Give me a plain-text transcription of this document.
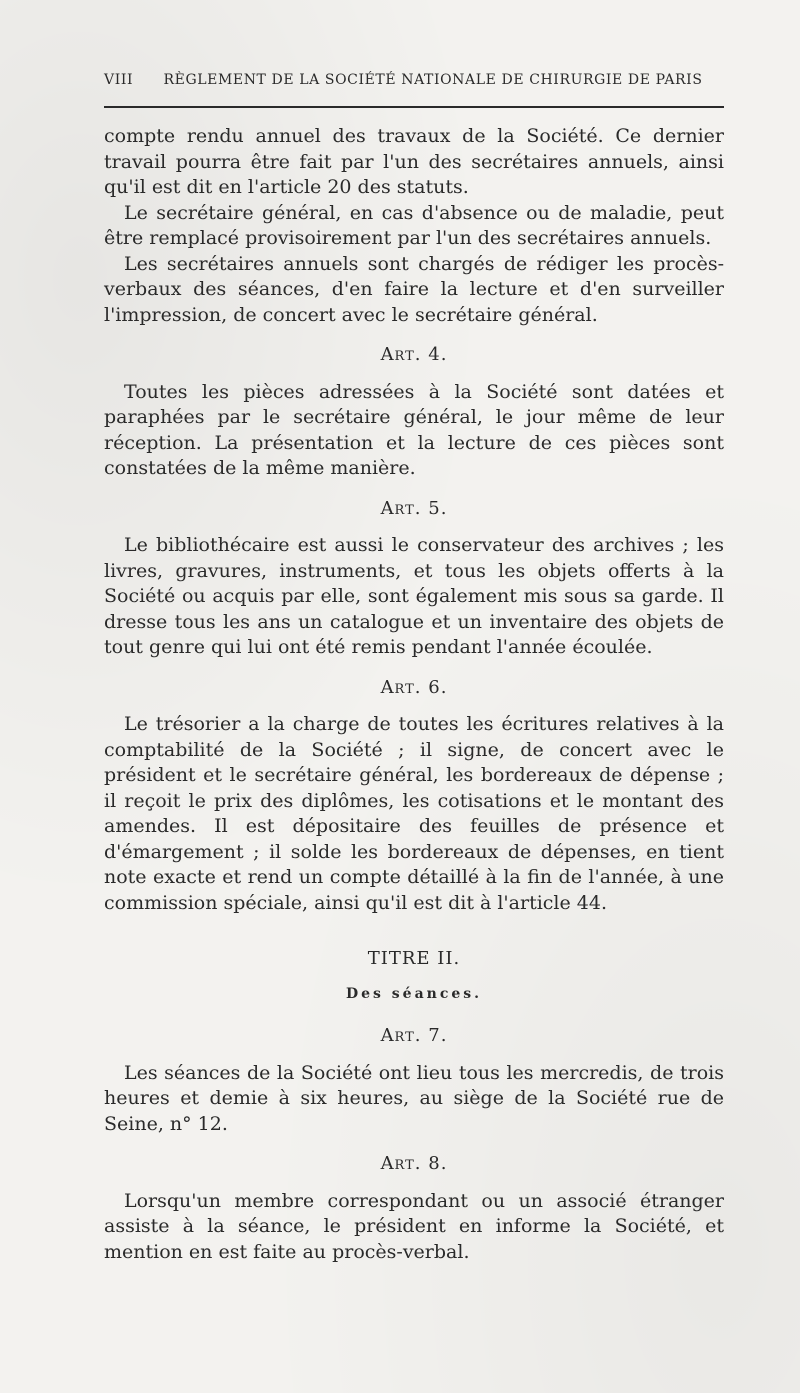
VIII	RÈGLEMENT DE LA SOCIÉTÉ NATIONALE DE CHIRURGIE DE PARIS

compte rendu annuel des travaux de la Société. Ce dernier travail pourra être fait par l'un des secrétaires annuels, ainsi qu'il est dit en l'article 20 des statuts.

Le secrétaire général, en cas d'absence ou de maladie, peut être remplacé provisoirement par l'un des secrétaires annuels.

Les secrétaires annuels sont chargés de rédiger les procès-verbaux des séances, d'en faire la lecture et d'en surveiller l'impression, de concert avec le secrétaire général.

Art. 4.

Toutes les pièces adressées à la Société sont datées et paraphées par le secrétaire général, le jour même de leur réception. La présentation et la lecture de ces pièces sont constatées de la même manière.

Art. 5.

Le bibliothécaire est aussi le conservateur des archives ; les livres, gravures, instruments, et tous les objets offerts à la Société ou acquis par elle, sont également mis sous sa garde. Il dresse tous les ans un catalogue et un inventaire des objets de tout genre qui lui ont été remis pendant l'année écoulée.

Art. 6.

Le trésorier a la charge de toutes les écritures relatives à la comptabilité de la Société ; il signe, de concert avec le président et le secrétaire général, les bordereaux de dépense ; il reçoit le prix des diplômes, les cotisations et le montant des amendes. Il est dépositaire des feuilles de présence et d'émargement ; il solde les bordereaux de dépenses, en tient note exacte et rend un compte détaillé à la fin de l'année, à une commission spéciale, ainsi qu'il est dit à l'article 44.

TITRE II.
Des séances.
Art. 7.

Les séances de la Société ont lieu tous les mercredis, de trois heures et demie à six heures, au siège de la Société rue de Seine, n° 12.

Art. 8.

Lorsqu'un membre correspondant ou un associé étranger assiste à la séance, le président en informe la Société, et mention en est faite au procès-verbal.
